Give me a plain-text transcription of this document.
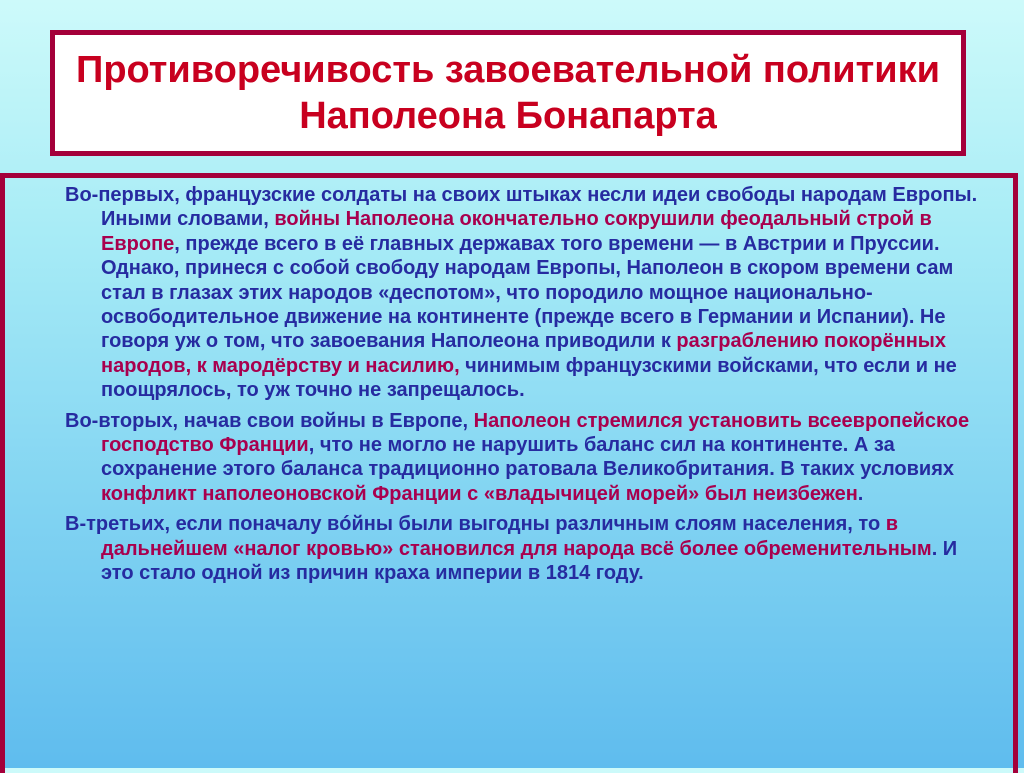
Противоречивость завоевательной политики Наполеона Бонапарта

Во-первых, французские солдаты на своих штыках несли идеи свободы народам Европы. Иными словами, войны Наполеона окончательно сокрушили феодальный строй в Европе, прежде всего в её главных державах того времени — в Австрии и Пруссии. Однако, принеся с собой свободу народам Европы, Наполеон в скором времени сам стал в глазах этих народов «деспотом», что породило мощное национально-освободительное движение на континенте (прежде всего в Германии и Испании). Не говоря уж о том, что завоевания Наполеона приводили к разграблению покорённых народов, к мародёрству и насилию, чинимым французскими войсками, что если и не поощрялось, то уж точно не запрещалось.

Во-вторых, начав свои войны в Европе, Наполеон стремился установить всеевропейское господство Франции, что не могло не нарушить баланс сил на континенте. А за сохранение этого баланса традиционно ратовала Великобритания. В таких условиях конфликт наполеоновской Франции с «владычицей морей» был неизбежен.

В-третьих, если поначалу вóйны были выгодны различным слоям населения, то в дальнейшем «налог кровью» становился для народа всё более обременительным. И это стало одной из причин краха империи в 1814 году.
